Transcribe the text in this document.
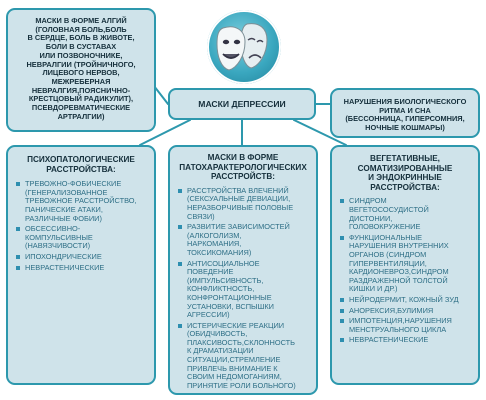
МАСКИ В ФОРМЕ АЛГИЙ
(ГОЛОВНАЯ БОЛЬ,БОЛЬ
В СЕРДЦЕ, БОЛЬ В ЖИВОТЕ,
БОЛИ В СУСТАВАХ
ИЛИ ПОЗВОНОЧНИКЕ,
НЕВРАЛГИИ (ТРОЙНИЧНОГО,
ЛИЦЕВОГО НЕРВОВ,
МЕЖРЕБЕРНАЯ
НЕВРАЛГИЯ,ПОЯСНИЧНО-
КРЕСТЦОВЫЙ РАДИКУЛИТ),
ПСЕВДОРЕВМАТИЧЕСКИЕ
АРТРАЛГИИ)
МАСКИ ДЕПРЕССИИ	НАРУШЕНИЯ БИОЛОГИЧЕСКОГО
РИТМА И СНА
(БЕССОННИЦА, ГИПЕРСОМНИЯ,
НОЧНЫЕ КОШМАРЫ)
ПСИХОПАТОЛОГИЧЕСКИЕ
РАССТРОЙСТВА:
ТРЕВОЖНО-ФОБИЧЕСКИЕ
(ГЕНЕРАЛИЗОВАННОЕ
ТРЕВОЖНОЕ РАССТРОЙСТВО,
ПАНИЧЕСКИЕ АТАКИ,
РАЗЛИЧНЫЕ ФОБИИ)
ОБСЕССИВНО-
КОМПУЛЬСИВНЫЕ
(НАВЯЗЧИВОСТИ)
ИПОХОНДРИЧЕСКИЕ
НЕВРАСТЕНИЧЕСКИЕ
МАСКИ В ФОРМЕ
ПАТОХАРАКТЕРОЛОГИЧЕСКИХ
РАССТРОЙСТВ:
РАССТРОЙСТВА ВЛЕЧЕНИЙ
(СЕКСУАЛЬНЫЕ ДЕВИАЦИИ,
НЕРАЗБОРЧИВЫЕ ПОЛОВЫЕ
СВЯЗИ)
РАЗВИТИЕ ЗАВИСИМОСТЕЙ
(АЛКОГОЛИЗМ,
НАРКОМАНИЯ,
ТОКСИКОМАНИЯ)
АНТИСОЦИАЛЬНОЕ
ПОВЕДЕНИЕ
(ИМПУЛЬСИВНОСТЬ,
КОНФЛИКТНОСТЬ,
КОНФРОНТАЦИОННЫЕ
УСТАНОВКИ, ВСПЫШКИ
АГРЕССИИ)
ИСТЕРИЧЕСКИЕ РЕАКЦИИ
(ОБИДЧИВОСТЬ,
ПЛАКСИВОСТЬ,СКЛОННОСТЬ
К ДРАМАТИЗАЦИИ
СИТУАЦИИ,СТРЕМЛЕНИЕ
ПРИВЛЕЧЬ ВНИМАНИЕ К
СВОИМ НЕДОМОГАНИЯМ,
ПРИНЯТИЕ РОЛИ БОЛЬНОГО)
ВЕГЕТАТИВНЫЕ,
СОМАТИЗИРОВАННЫЕ
И ЭНДОКРИННЫЕ
РАССТРОЙСТВА:
СИНДРОМ
ВЕГЕТОСОСУДИСТОЙ
ДИСТОНИИ,
ГОЛОВОКРУЖЕНИЕ
ФУНКЦИОНАЛЬНЫЕ
НАРУШЕНИЯ ВНУТРЕННИХ
ОРГАНОВ (СИНДРОМ
ГИПЕРВЕНТИЛЯЦИИ,
КАРДИОНЕВРОЗ,СИНДРОМ
РАЗДРАЖЕННОЙ ТОЛСТОЙ
КИШКИ И ДР.)
НЕЙРОДЕРМИТ, КОЖНЫЙ ЗУД
АНОРЕКСИЯ,БУЛИМИЯ
ИМПОТЕНЦИЯ,НАРУШЕНИЯ
МЕНСТРУАЛЬНОГО ЦИКЛА
НЕВРАСТЕНИЧЕСКИЕ
